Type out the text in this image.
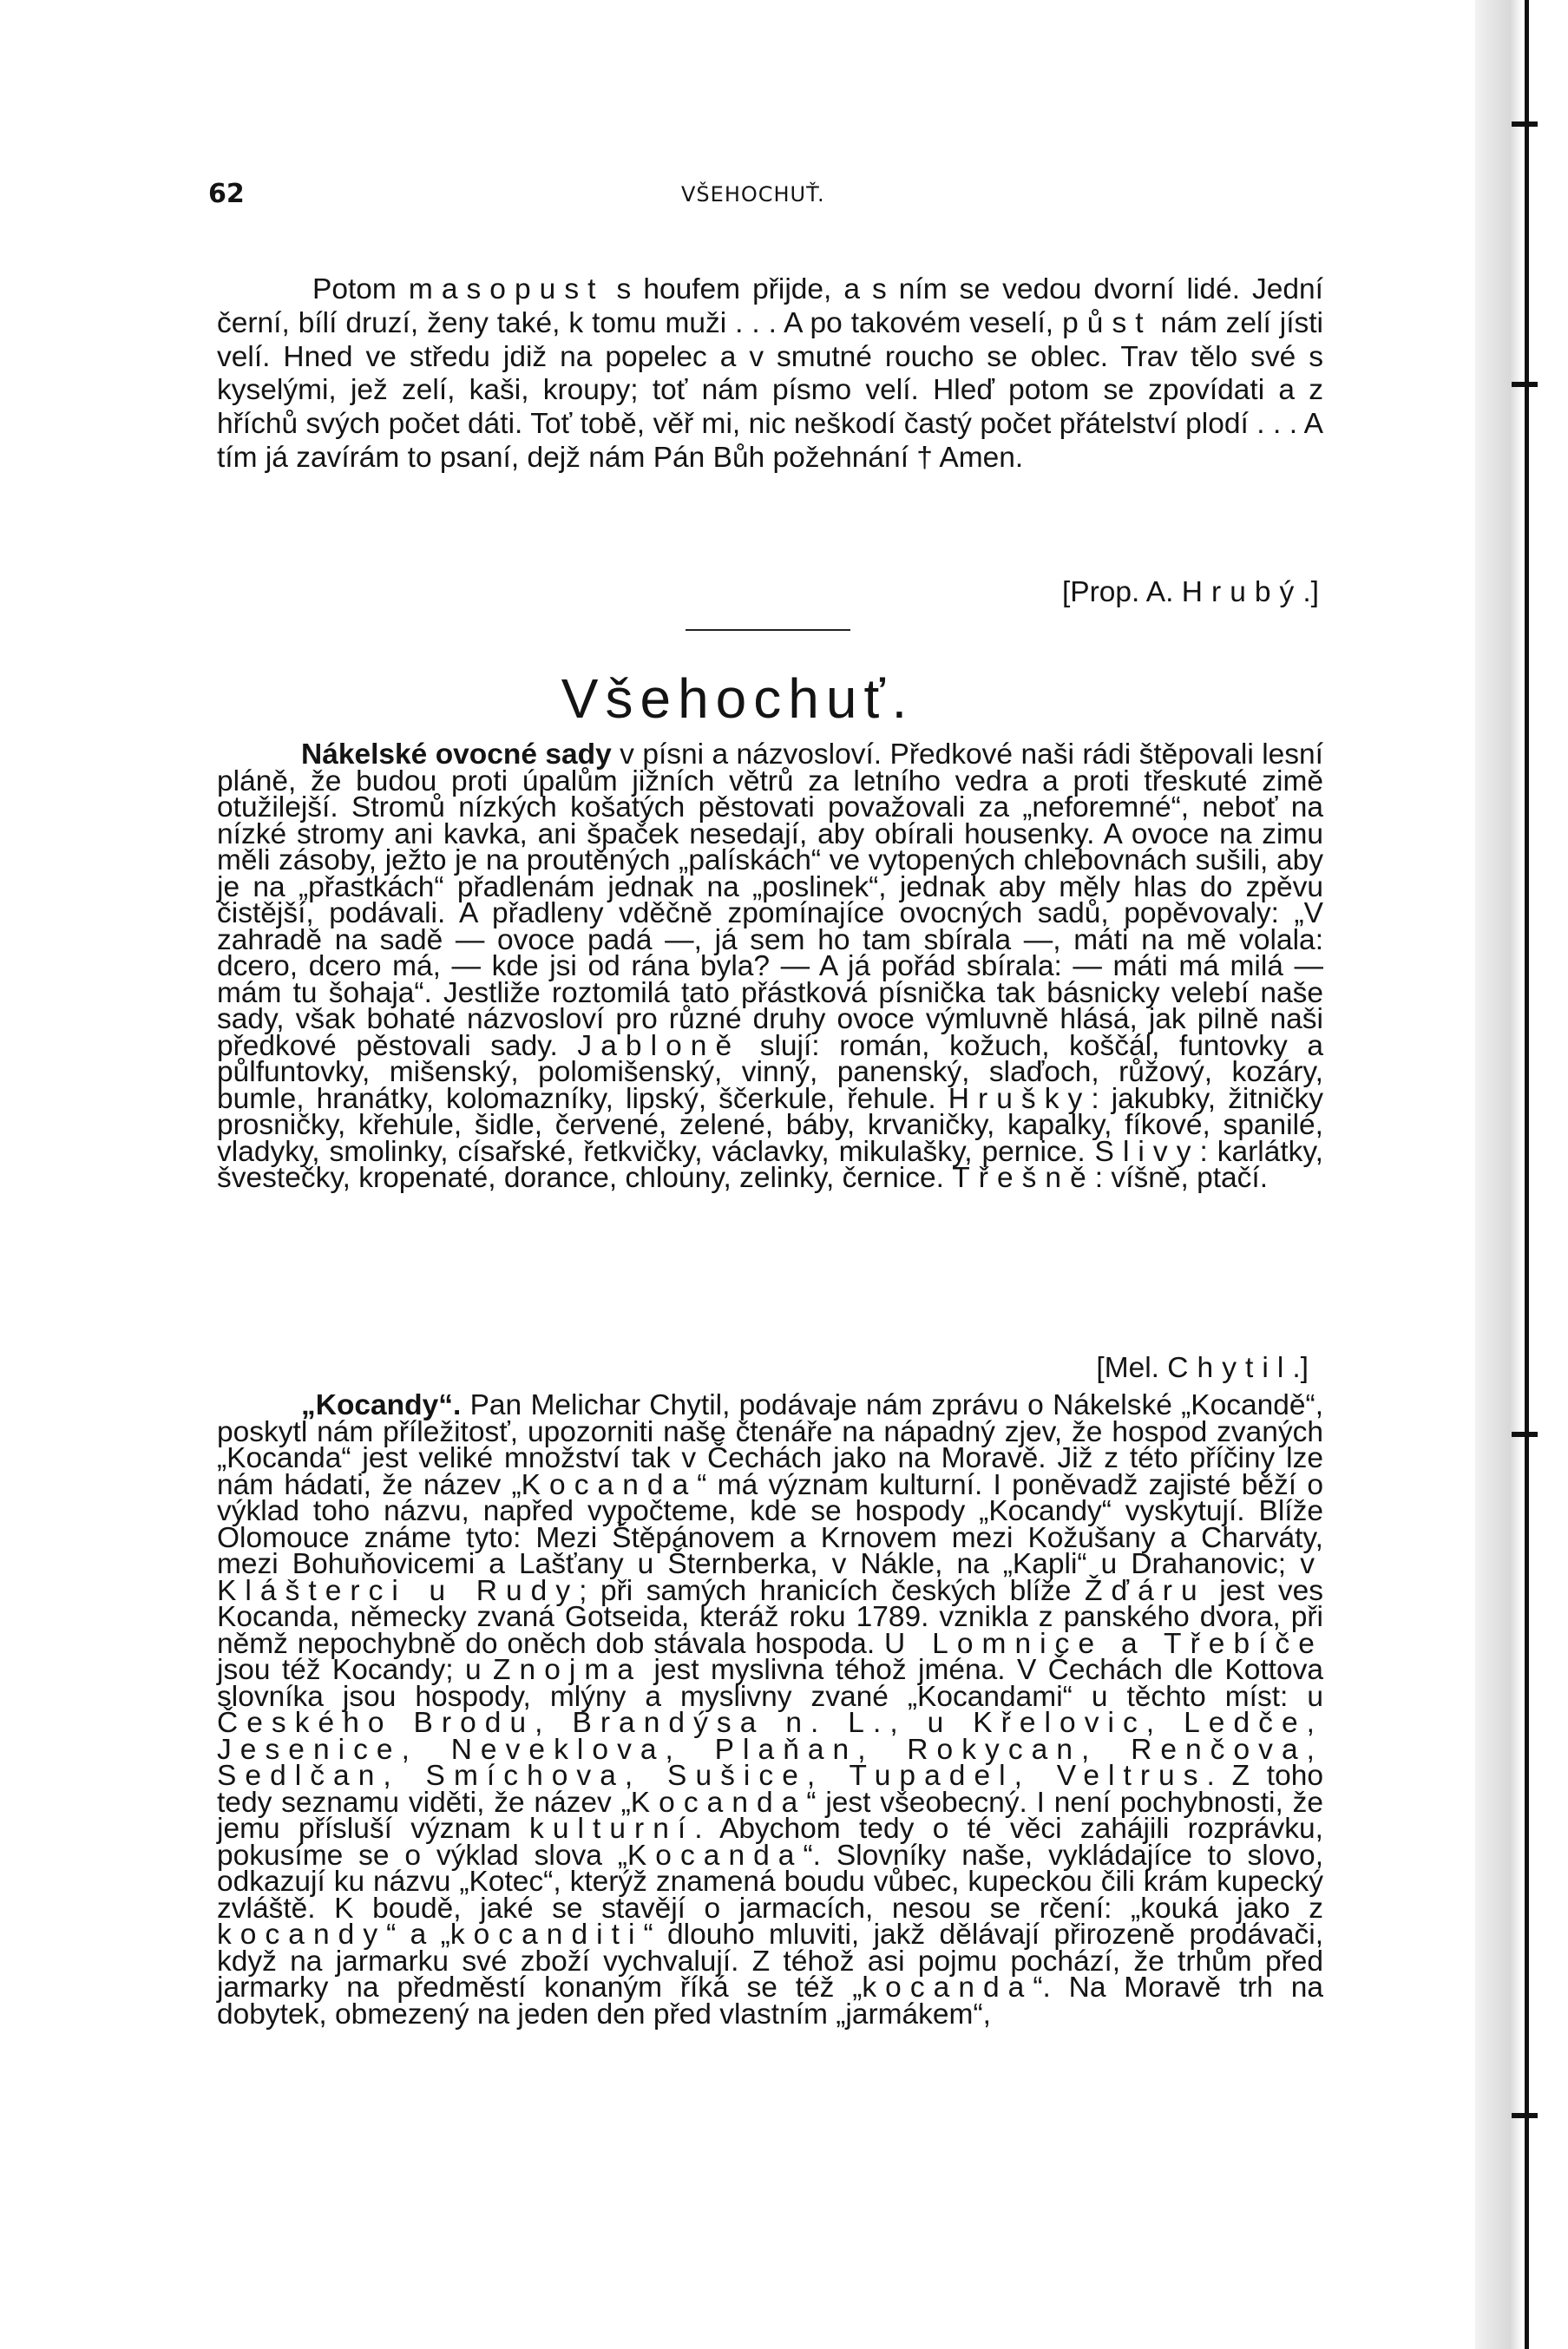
62	VŠEHOCHUŤ.

Potom masopust s houfem přijde, a s ním se vedou dvorní lidé. Jední černí, bílí druzí, ženy také, k tomu muži . . . A po takovém veselí, půst nám zelí jísti velí. Hned ve středu jdiž na popelec a v smutné roucho se oblec. Trav tělo své s kyselými, jež zelí, kaši, kroupy; toť nám písmo velí. Hleď potom se zpovídati a z hříchů svých počet dáti. Toť tobě, věř mi, nic neškodí častý počet přátelství plodí . . . A tím já zavírám to psaní, dejž nám Pán Bůh požehnání † Amen.

[Prop. A. Hrubý.]
Všehochuť.

Nákelské ovocné sady v písni a názvosloví. Předkové naši rádi štěpovali lesní pláně, že budou proti úpalům jižních větrů za letního vedra a proti třeskuté zimě otužilejší. Stromů nízkých košatých pěstovati považovali za „neforemné“, neboť na nízké stromy ani kavka, ani špaček nesedají, aby obírali housenky. A ovoce na zimu měli zásoby, ježto je na proutěných „palískách“ ve vytopených chlebovnách sušili, aby je na „přastkách“ přadlenám jednak na „poslinek“, jednak aby měly hlas do zpěvu čistější, podávali. A přadleny vděčně zpomínajíce ovocných sadů, popěvovaly: „V zahradě na sadě — ovoce padá —, já sem ho tam sbírala —, máti na mě volala: dcero, dcero má, — kde jsi od rána byla? — A já pořád sbírala: — máti má milá — mám tu šohaja“. Jestliže roztomilá tato přástková písnička tak básnicky velebí naše sady, však bohaté názvosloví pro různé druhy ovoce výmluvně hlásá, jak pilně naši předkové pěstovali sady. Jabloně slují: román, kožuch, koščál, funtovky a půlfuntovky, mišenský, polomišenský, vinný, panenský, slaďoch, růžový, kozáry, bumle, hranátky, kolomazníky, lipský, ščerkule, řehule. Hrušky: jakubky, žitničky prosničky, křehule, šidle, červené, zelené, báby, krvaničky, kapalky, fíkové, spanilé, vladyky, smolinky, císařské, řetkvičky, václavky, mikulašky, pernice. Slivy: karlátky, švestečky, kropenaté, dorance, chlouny, zelinky, černice. Třešně: víšně, ptačí.

[Mel. Chytil.]

„Kocandy“. Pan Melichar Chytil, podávaje nám zprávu o Nákelské „Kocandě“, poskytl nám příležitosť, upozorniti naše čtenáře na nápadný zjev, že hospod zvaných „Kocanda“ jest veliké množství tak v Čechách jako na Moravě. Již z této příčiny lze nám hádati, že název „Kocanda“ má význam kulturní. I poněvadž zajisté běží o výklad toho názvu, napřed vypočteme, kde se hospody „Kocandy“ vyskytují. Blíže Olomouce známe tyto: Mezi Štěpánovem a Krnovem mezi Kožušany a Charváty, mezi Bohuňovicemi a Lašťany u Šternberka, v Nákle, na „Kapli“ u Drahanovic; v Klášterci u Rudy; při samých hranicích českých blíže Žďáru jest ves Kocanda, německy zvaná Gotseida, kteráž roku 1789. vznikla z panského dvora, při němž nepochybně do oněch dob stávala hospoda. U Lomnice a Třebíče jsou též Kocandy; u Znojma jest myslivna téhož jména. V Čechách dle Kottova slovníka jsou hospody, mlýny a myslivny zvané „Kocandami“ u těchto míst: u Českého Brodu, Brandýsa n. L., u Křelovic, Ledče, Jesenice, Neveklova, Plaňan, Rokycan, Renčova, Sedlčan, Smíchova, Sušice, Tupadel, Veltrus. Z toho tedy seznamu viděti, že název „Kocanda“ jest všeobecný. I není pochybnosti, že jemu přísluší význam kulturní. Abychom tedy o té věci zahájili rozprávku, pokusíme se o výklad slova „Kocanda“. Slovníky naše, vykládajíce to slovo, odkazují ku názvu „Kotec“, kterýž znamená boudu vůbec, kupeckou čili krám kupecký zvláště. K boudě, jaké se stavějí o jarmacích, nesou se rčení: „kouká jako z kocandy“ a „kocanditi“ dlouho mluviti, jakž dělávají přirozeně prodávači, když na jarmarku své zboží vychvalují. Z téhož asi pojmu pochází, že trhům před jarmarky na předměstí konaným říká se též „kocanda“. Na Moravě trh na dobytek, obmezený na jeden den před vlastním „jarmákem“,
